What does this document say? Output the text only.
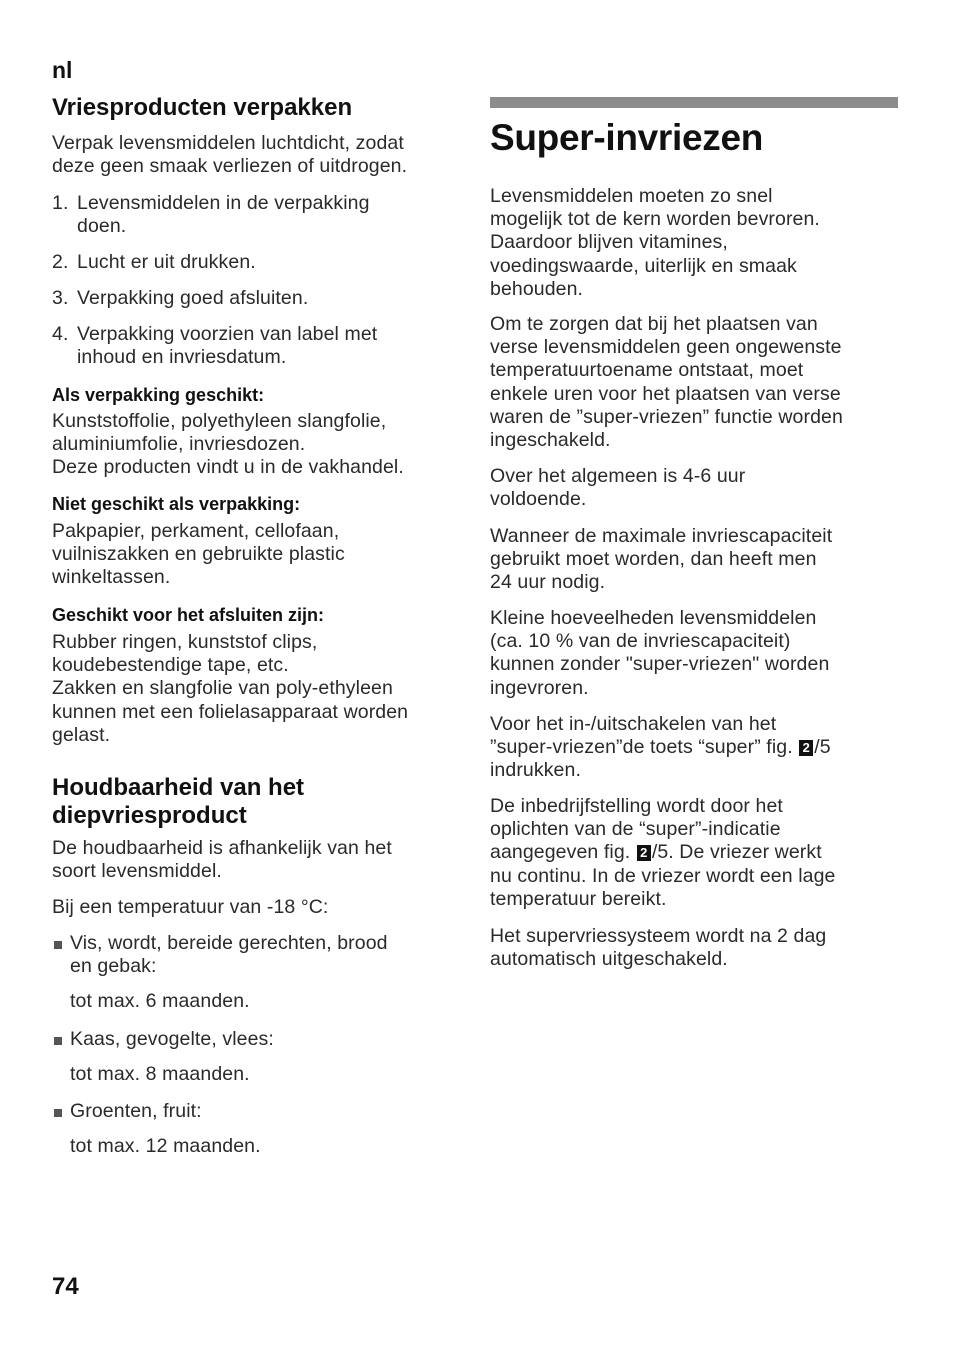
nl
Vriesproducten verpakken
Verpak levensmiddelen luchtdicht, zodat
deze geen smaak verliezen of uitdrogen.
1. Levensmiddelen in de verpakking
doen.
2. Lucht er uit drukken.
3. Verpakking goed afsluiten.
4. Verpakking voorzien van label met
inhoud en invriesdatum.
Als verpakking geschikt:
Kunststoffolie, polyethyleen slangfolie,
aluminiumfolie, invriesdozen.
Deze producten vindt u in de vakhandel.
Niet geschikt als verpakking:
Pakpapier, perkament, cellofaan,
vuilniszakken en gebruikte plastic
winkeltassen.
Geschikt voor het afsluiten zijn:
Rubber ringen, kunststof clips,
koudebestendige tape, etc.
Zakken en slangfolie van poly-ethyleen
kunnen met een folielasapparaat worden
gelast.
Houdbaarheid van het
diepvriesproduct
De houdbaarheid is afhankelijk van het
soort levensmiddel.
Bij een temperatuur van -18 °C:
Vis, wordt, bereide gerechten, brood
en gebak:
tot max. 6 maanden.
Kaas, gevogelte, vlees:
tot max. 8 maanden.
Groenten, fruit:
tot max. 12 maanden.
Super-invriezen
Levensmiddelen moeten zo snel
mogelijk tot de kern worden bevroren.
Daardoor blijven vitamines,
voedingswaarde, uiterlijk en smaak
behouden.
Om te zorgen dat bij het plaatsen van
verse levensmiddelen geen ongewenste
temperatuurtoename ontstaat, moet
enkele uren voor het plaatsen van verse
waren de ”super-vriezen” functie worden
ingeschakeld.
Over het algemeen is 4-6 uur
voldoende.
Wanneer de maximale invriescapaciteit
gebruikt moet worden, dan heeft men
24 uur nodig.
Kleine hoeveelheden levensmiddelen
(ca. 10 % van de invriescapaciteit)
kunnen zonder "super-vriezen" worden
ingevroren.
Voor het in-/uitschakelen van het
”super-vriezen”de toets “super” fig. 2 /5
indrukken.
De inbedrijfstelling wordt door het
oplichten van de “super”-indicatie
aangegeven fig. 2 /5. De vriezer werkt
nu continu. In de vriezer wordt een lage
temperatuur bereikt.
Het supervriessysteem wordt na 2 dag
automatisch uitgeschakeld.
74
